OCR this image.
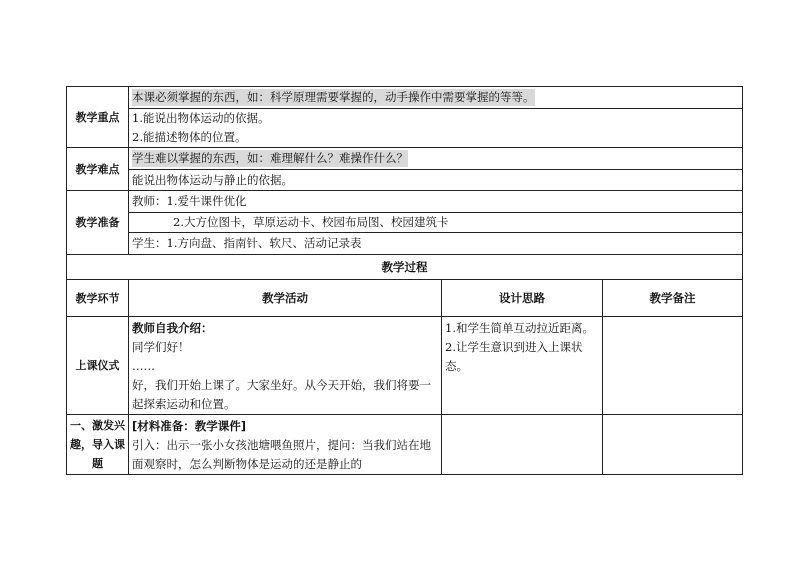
教学重点	本课必须掌握的东西，如：科学原理需要掌握的，动手操作中需要掌握的等等。		

	1.能说出物体运动的依据。
2.能描述物体的位置。		

教学难点	学生难以掌握的东西，如：难理解什么？难操作什么？		
	能说出物体运动与静止的依据。		
教学准备	教师：1.爱牛课件优化		
	2.大方位图卡，草原运动卡、校园布局图、校园建筑卡		
	学生：1.方向盘、指南针、软尺、活动记录表		
教学过程			
教学环节	教学活动	设计思路	教学备注
上课仪式	教师自我介绍：
同学们好！
……
好，我们开始上课了。大家坐好。从今天开始，我们将要一起探索运动和位置。	1.和学生简单互动拉近距离。2.让学生意识到进入上课状态。	
一、激发兴趣，导入课题	[材料准备：教学课件]
引入：出示一张小女孩池塘喂鱼照片，提问：当我们站在地面观察时，怎么判断物体是运动的还是静止的		
